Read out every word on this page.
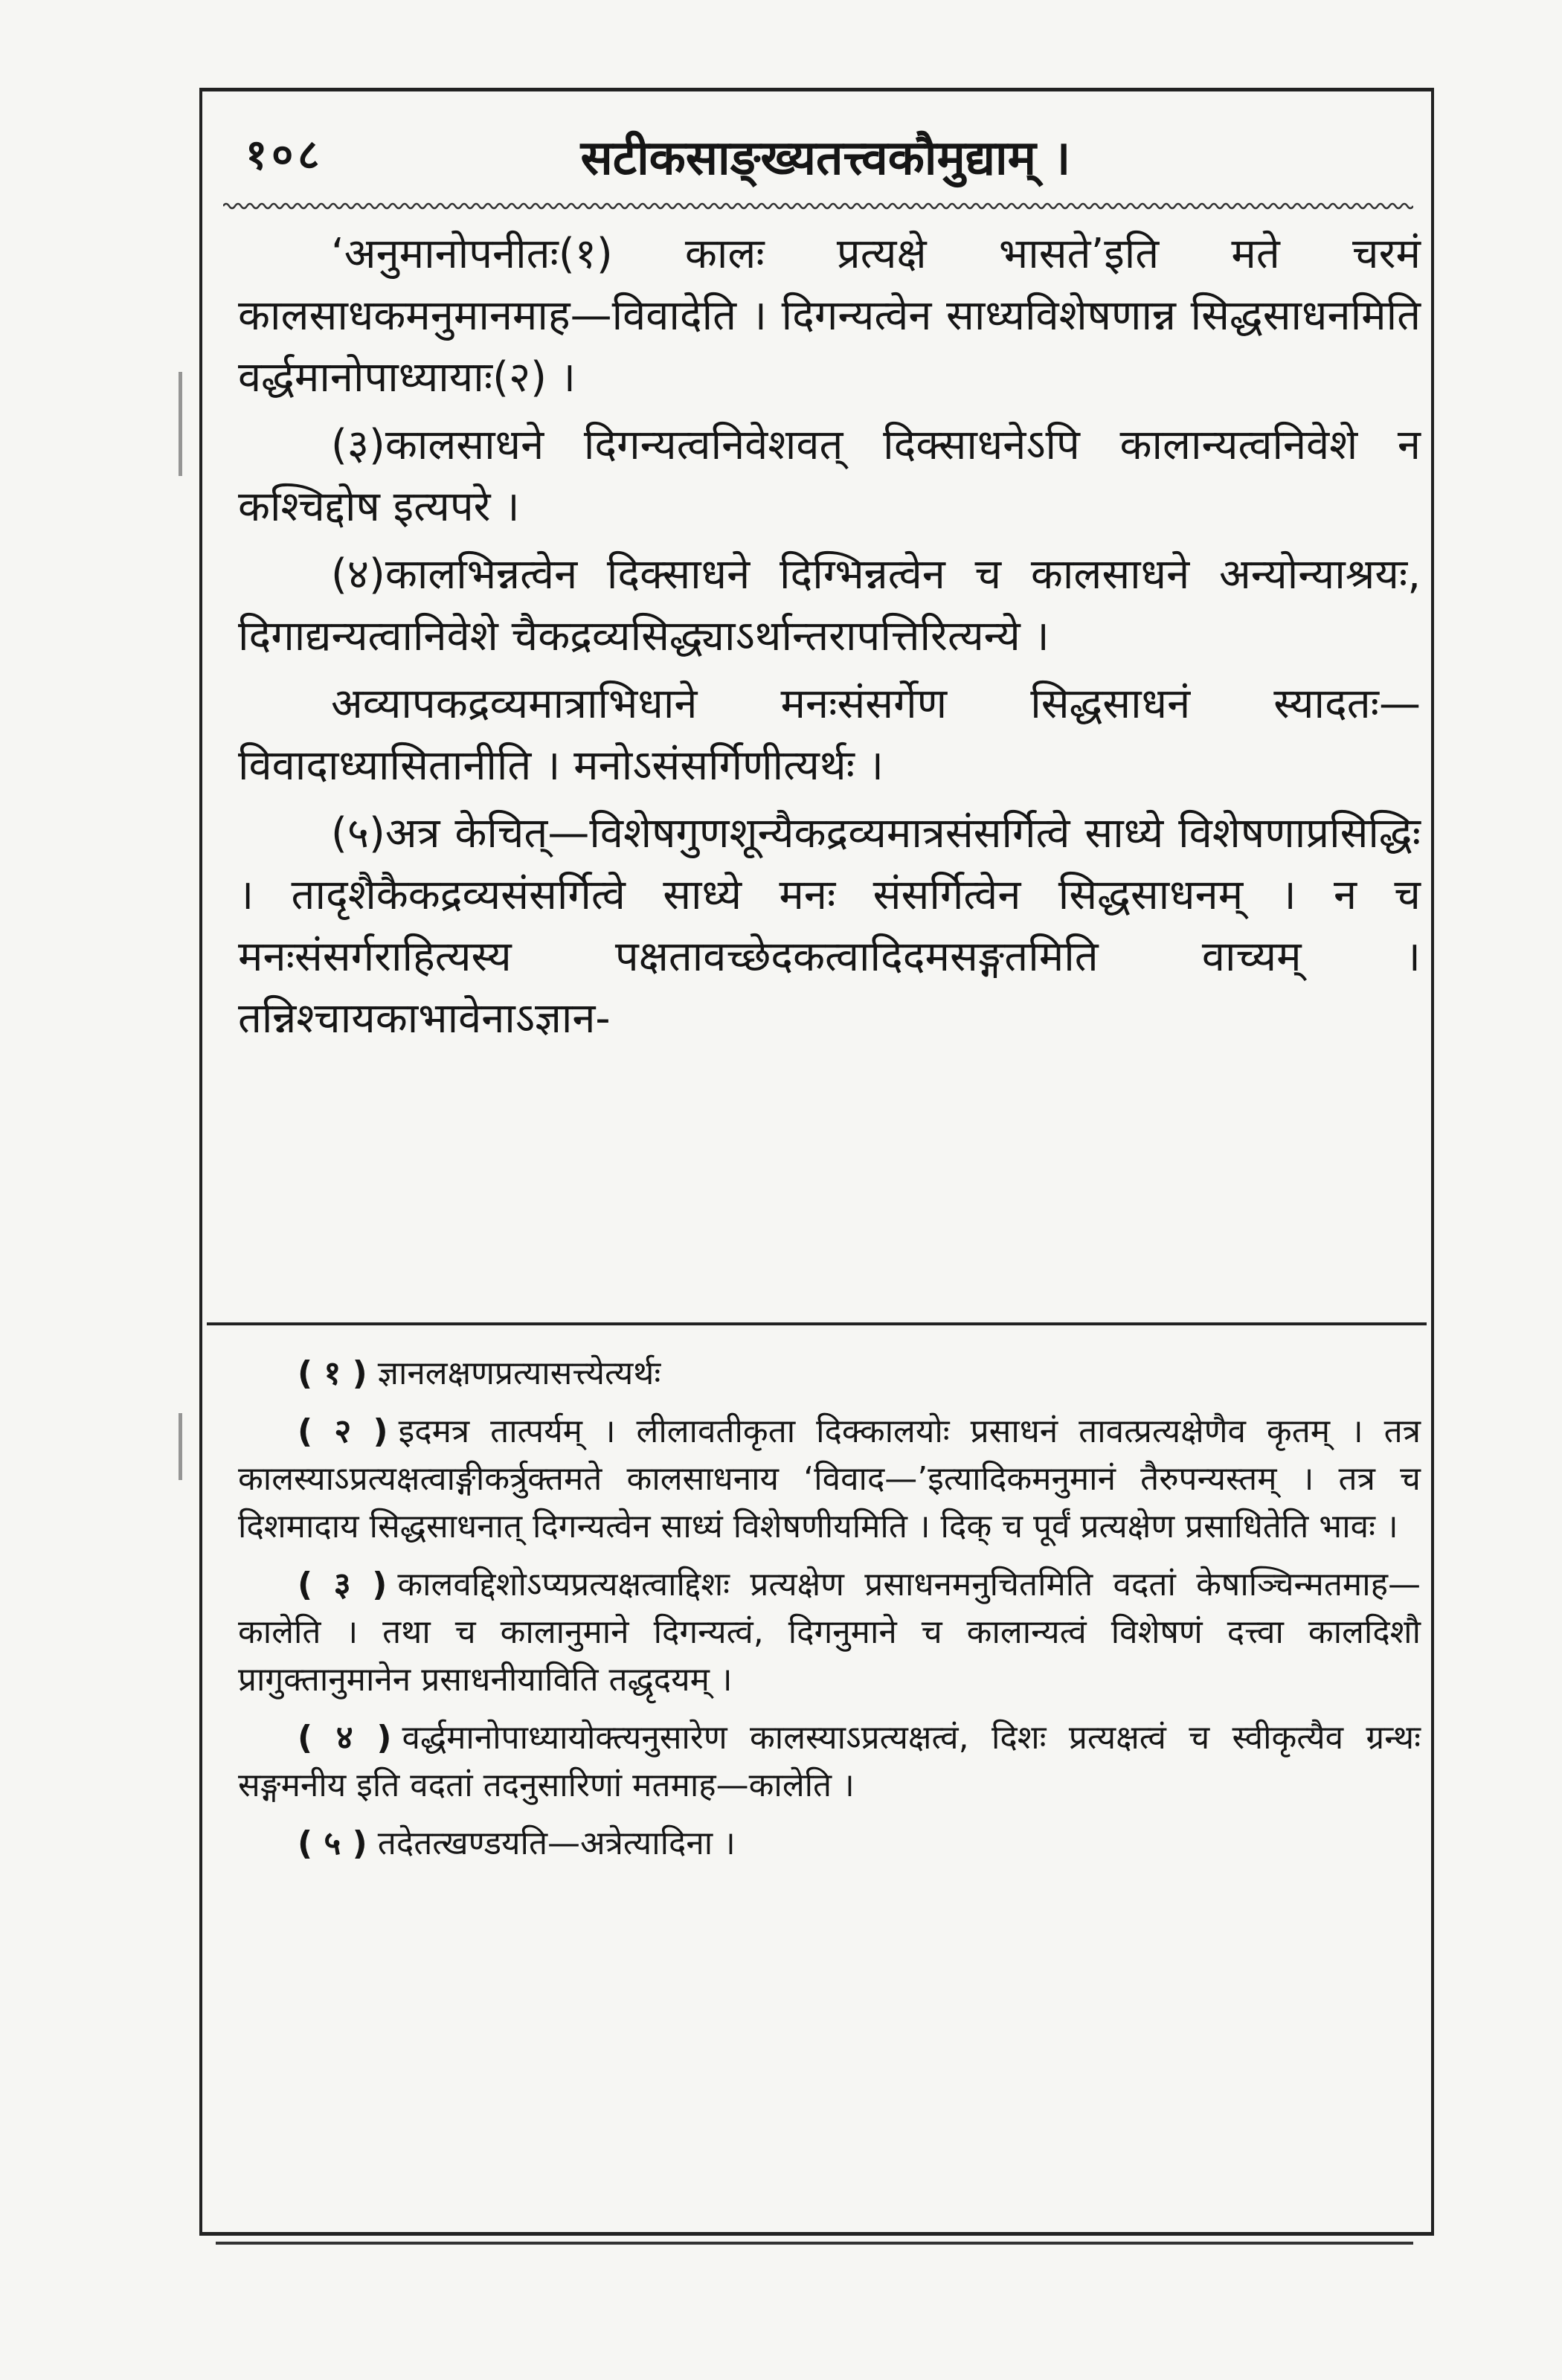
१०८	सटीकसाङ्ख्यतत्त्वकौमुद्याम् ।

‘अनुमानोपनीतः(१) कालः प्रत्यक्षे भासते’इति मते चरमं कालसाधकमनुमानमाह—विवादेति । दिगन्यत्वेन साध्यविशेषणान्न सिद्धसाधनमिति वर्द्धमानोपाध्यायाः(२) ।

(३)कालसाधने दिगन्यत्वनिवेशवत् दिक्साधनेऽपि कालान्यत्वनिवेशे न कश्चिद्दोष इत्यपरे ।

(४)कालभिन्नत्वेन दिक्साधने दिग्भिन्नत्वेन च कालसाधने अन्योन्याश्रयः, दिगाद्यन्यत्वानिवेशे चैकद्रव्यसिद्ध्याऽर्थान्तरापत्तिरित्यन्ये ।

अव्यापकद्रव्यमात्राभिधाने मनःसंसर्गेण सिद्धसाधनं स्यादतः—विवादाध्यासितानीति । मनोऽसंसर्गिणीत्यर्थः ।

(५)अत्र केचित्—विशेषगुणशून्यैकद्रव्यमात्रसंसर्गित्वे साध्ये विशेषणाप्रसिद्धिः । तादृशैकैकद्रव्यसंसर्गित्वे साध्ये मनः संसर्गित्वेन सिद्धसाधनम् । न च मनःसंसर्गराहित्यस्य पक्षतावच्छेदकत्वादिदमसङ्गतमिति वाच्यम् । तन्निश्चायकाभावेनाऽज्ञान-

( १ ) ज्ञानलक्षणप्रत्यासत्त्येत्यर्थः

( २ ) इदमत्र तात्पर्यम् । लीलावतीकृता दिक्कालयोः प्रसाधनं तावत्प्रत्यक्षेणैव कृतम् । तत्र कालस्याऽप्रत्यक्षत्वाङ्गीकर्त्रुक्तमते कालसाधनाय ‘विवाद—’इत्यादिकमनुमानं तैरुपन्यस्तम् । तत्र च दिशमादाय सिद्धसाधनात् दिगन्यत्वेन साध्यं विशेषणीयमिति । दिक् च पूर्वं प्रत्यक्षेण प्रसाधितेति भावः ।

( ३ ) कालवद्दिशोऽप्यप्रत्यक्षत्वाद्दिशः प्रत्यक्षेण प्रसाधनमनुचितमिति वदतां केषाञ्चिन्मतमाह—कालेति । तथा च कालानुमाने दिगन्यत्वं, दिगनुमाने च कालान्यत्वं विशेषणं दत्त्वा कालदिशौ प्रागुक्तानुमानेन प्रसाधनीयाविति तद्धृदयम् ।

( ४ ) वर्द्धमानोपाध्यायोक्त्यनुसारेण कालस्याऽप्रत्यक्षत्वं, दिशः प्रत्यक्षत्वं च स्वीकृत्यैव ग्रन्थः सङ्गमनीय इति वदतां तदनुसारिणां मतमाह—कालेति ।

( ५ ) तदेतत्खण्डयति—अत्रेत्यादिना ।
